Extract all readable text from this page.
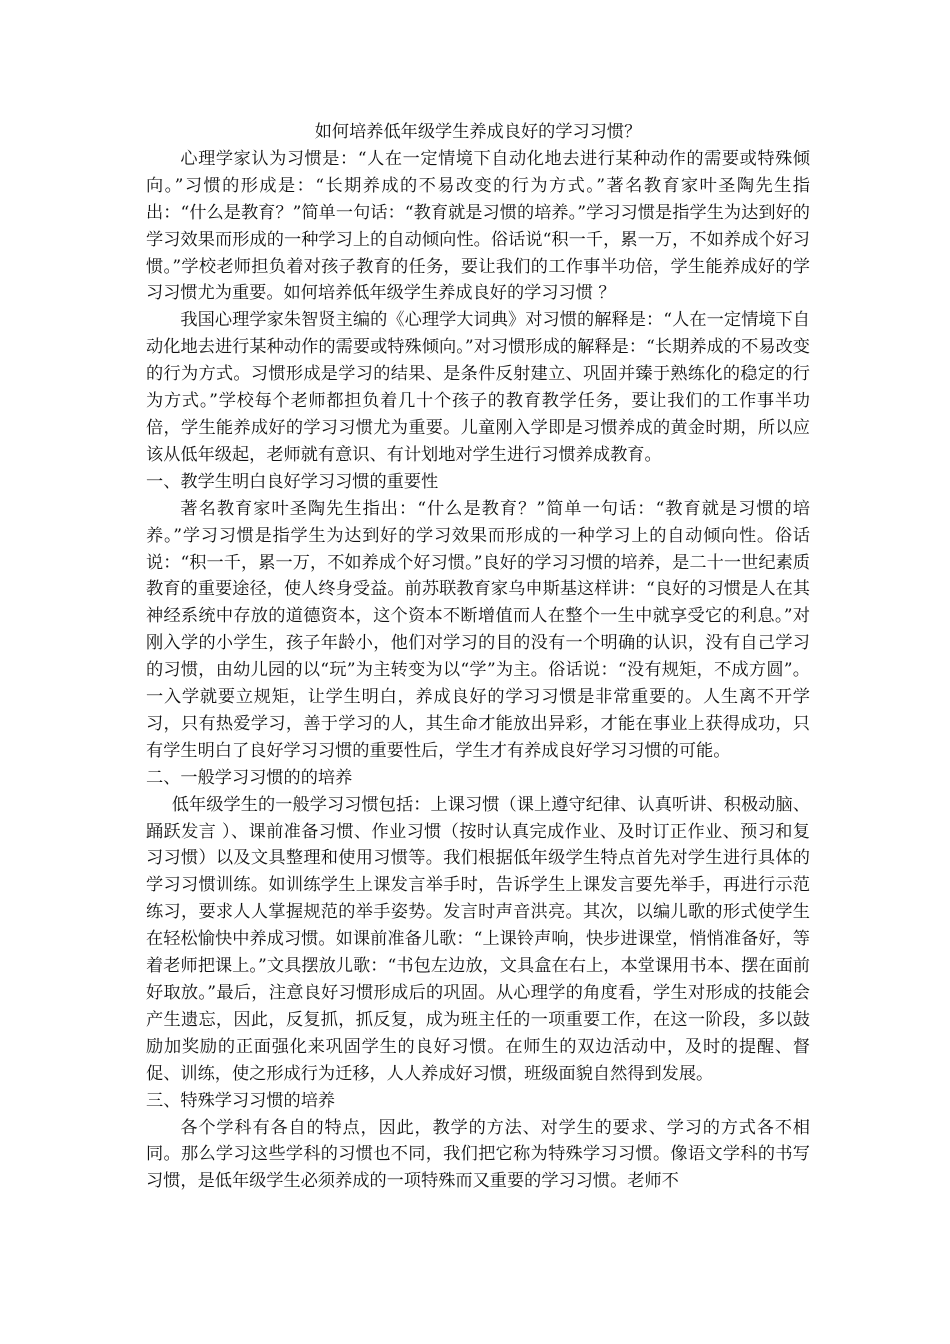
如何培养低年级学生养成良好的学习习惯？

心理学家认为习惯是：“人在一定情境下自动化地去进行某种动作的需要或特殊倾向。”习惯的形成是：“长期养成的不易改变的行为方式。”著名教育家叶圣陶先生指出：“什么是教育？”简单一句话：“教育就是习惯的培养。”学习习惯是指学生为达到好的学习效果而形成的一种学习上的自动倾向性。俗话说“积一千，累一万，不如养成个好习惯。”学校老师担负着对孩子教育的任务，要让我们的工作事半功倍，学生能养成好的学习习惯尤为重要。如何培养低年级学生养成良好的学习习惯 ？

我国心理学家朱智贤主编的《心理学大词典》对习惯的解释是：“人在一定情境下自动化地去进行某种动作的需要或特殊倾向。”对习惯形成的解释是：“长期养成的不易改变的行为方式。习惯形成是学习的结果、是条件反射建立、巩固并臻于熟练化的稳定的行为方式。”学校每个老师都担负着几十个孩子的教育教学任务，要让我们的工作事半功倍，学生能养成好的学习习惯尤为重要。儿童刚入学即是习惯养成的黄金时期，所以应该从低年级起，老师就有意识、有计划地对学生进行习惯养成教育。

一、教学生明白良好学习习惯的重要性

著名教育家叶圣陶先生指出：“什么是教育？”简单一句话：“教育就是习惯的培养。”学习习惯是指学生为达到好的学习效果而形成的一种学习上的自动倾向性。俗话说：“积一千，累一万，不如养成个好习惯。”良好的学习习惯的培养，是二十一世纪素质教育的重要途径，使人终身受益。前苏联教育家乌申斯基这样讲：“良好的习惯是人在其神经系统中存放的道德资本，这个资本不断增值而人在整个一生中就享受它的利息。”对刚入学的小学生，孩子年龄小，他们对学习的目的没有一个明确的认识，没有自己学习的习惯，由幼儿园的以“玩”为主转变为以“学”为主。俗话说：“没有规矩，不成方圆”。一入学就要立规矩，让学生明白，养成良好的学习习惯是非常重要的。人生离不开学习，只有热爱学习，善于学习的人，其生命才能放出异彩，才能在事业上获得成功，只有学生明白了良好学习习惯的重要性后，学生才有养成良好学习习惯的可能。

二、一般学习习惯的的培养

低年级学生的一般学习习惯包括：上课习惯（课上遵守纪律、认真听讲、积极动脑、踊跃发言 ）、课前准备习惯、作业习惯（按时认真完成作业、及时订正作业、预习和复习习惯）以及文具整理和使用习惯等。我们根据低年级学生特点首先对学生进行具体的学习习惯训练。如训练学生上课发言举手时，告诉学生上课发言要先举手，再进行示范练习，要求人人掌握规范的举手姿势。发言时声音洪亮。其次，以编儿歌的形式使学生在轻松愉快中养成习惯。如课前准备儿歌：“上课铃声响，快步进课堂，悄悄准备好，等着老师把课上。”文具摆放儿歌：“书包左边放，文具盒在右上，本堂课用书本、摆在面前好取放。”最后，注意良好习惯形成后的巩固。从心理学的角度看，学生对形成的技能会产生遗忘，因此，反复抓，抓反复，成为班主任的一项重要工作，在这一阶段，多以鼓励加奖励的正面强化来巩固学生的良好习惯。在师生的双边活动中，及时的提醒、督促、训练，使之形成行为迁移，人人养成好习惯，班级面貌自然得到发展。

三、特殊学习习惯的培养

各个学科有各自的特点，因此，教学的方法、对学生的要求、学习的方式各不相同。那么学习这些学科的习惯也不同，我们把它称为特殊学习习惯。像语文学科的书写习惯，是低年级学生必须养成的一项特殊而又重要的学习习惯。老师不
